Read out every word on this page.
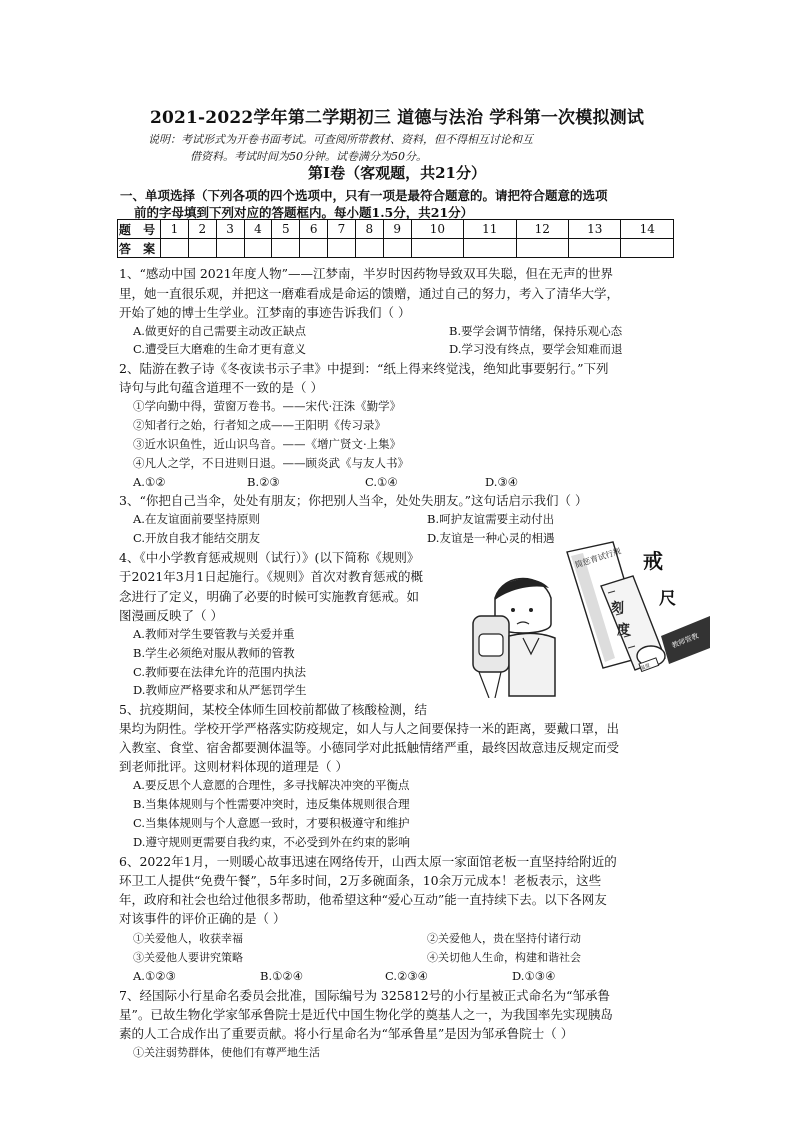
2021-2022学年第二学期初三 道德与法治 学科第一次模拟测试
说明：考试形式为开卷书面考试。可查阅所带教材、资料，但不得相互讨论和互
借资料。考试时间为50分钟。试卷满分为50分。
第Ⅰ卷（客观题，共21分）
一、单项选择（下列各项的四个选项中，只有一项是最符合题意的。请把符合题意的选项
前的字母填到下列对应的答题框内。每小题1.5分，共21分）
题 号	1	2	3	4	5	6	7	8	9	10	11	12	13	14
答 案														
1、“感动中国 2021年度人物”——江梦南，半岁时因药物导致双耳失聪，但在无声的世界
里，她一直很乐观，并把这一磨难看成是命运的馈赠，通过自己的努力，考入了清华大学，
开始了她的博士生学业。江梦南的事迹告诉我们（ ）
A.做更好的自己需要主动改正缺点	B.要学会调节情绪，保持乐观心态
C.遭受巨大磨难的生命才更有意义	D.学习没有终点，要学会知难而退
2、陆游在教子诗《冬夜读书示子聿》中提到：“纸上得来终觉浅，绝知此事要躬行。”下列
诗句与此句蕴含道理不一致的是（ ）
①学向勤中得，萤窗万卷书。——宋代·汪洙《勤学》
②知者行之始，行者知之成——王阳明《传习录》
③近水识鱼性，近山识鸟音。——《增广贤文·上集》
④凡人之学，不日进则日退。——顾炎武《与友人书》
A.①②	B.②③	C.①④	D.③④
3、“你把自己当伞，处处有朋友；你把别人当伞，处处失朋友。”这句话启示我们（ ）
A.在友谊面前要坚持原则	B.呵护友谊需要主动付出
C.开放自我才能结交朋友	D.友谊是一种心灵的相遇
4、《中小学教育惩戒规则（试行）》(以下简称《规则》
于2021年3月1日起施行。《规则》首次对教育惩戒的概
念进行了定义，明确了必要的时候可实施教育惩戒。如
图漫画反映了（ ）
A.教师对学生要管教与关爱并重
B.学生必须绝对服从教师的管教
C.教师要在法律允许的范围内执法
D.教师应严格要求和从严惩罚学生
简惩育试行规
刻
度
戒
尺
教师管教
温度
5、抗疫期间，某校全体师生回校前都做了核酸检测，结
果均为阴性。学校开学严格落实防疫规定，如人与人之间要保持一米的距离，要戴口罩，出
入教室、食堂、宿舍都要测体温等。小德同学对此抵触情绪严重，最终因故意违反规定而受
到老师批评。这则材料体现的道理是（ ）
A.要反思个人意愿的合理性，多寻找解决冲突的平衡点
B.当集体规则与个性需要冲突时，违反集体规则很合理
C.当集体规则与个人意愿一致时，才要积极遵守和维护
D.遵守规则更需要自我约束，不必受到外在约束的影响
6、2022年1月，一则暖心故事迅速在网络传开，山西太原一家面馆老板一直坚持给附近的
环卫工人提供“免费午餐”，5年多时间，2万多碗面条，10余万元成本！老板表示，这些
年，政府和社会也给过他很多帮助，他希望这种“爱心互动”能一直持续下去。以下各网友
对该事件的评价正确的是（ ）
①关爱他人，收获幸福	②关爱他人，贵在坚持付诸行动
③关爱他人要讲究策略	④关切他人生命，构建和谐社会
A.①②③	B.①②④	C.②③④	D.①③④
7、经国际小行星命名委员会批准，国际编号为 325812号的小行星被正式命名为“邹承鲁
星”。已故生物化学家邹承鲁院士是近代中国生物化学的奠基人之一，为我国率先实现胰岛
素的人工合成作出了重要贡献。将小行星命名为“邹承鲁星”是因为邹承鲁院士（ ）
①关注弱势群体，使他们有尊严地生活
